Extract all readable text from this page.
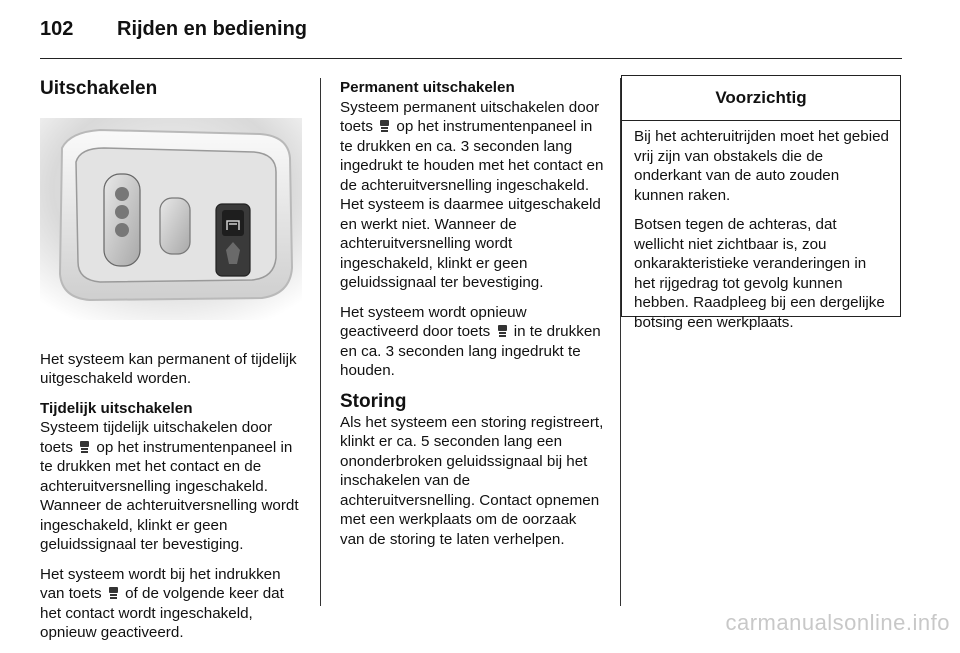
102 Rijden en bediening
Uitschakelen

Het systeem kan permanent of tijdelijk uitgeschakeld worden.

Tijdelijk uitschakelen
Systeem tijdelijk uitschakelen door toets op het instrumentenpaneel in te drukken met het contact en de achteruitversnelling ingeschakeld. Wanneer de achteruitversnelling wordt ingeschakeld, klinkt er geen geluidssignaal ter bevestiging.

Het systeem wordt bij het indrukken van toets of de volgende keer dat het contact wordt ingeschakeld, opnieuw geactiveerd.

Permanent uitschakelen
Systeem permanent uitschakelen door toets op het instrumentenpaneel in te drukken en ca. 3 seconden lang ingedrukt te houden met het contact en de achteruitversnelling ingeschakeld. Het systeem is daarmee uitgeschakeld en werkt niet. Wanneer de achteruitversnelling wordt ingeschakeld, klinkt er geen geluidssignaal ter bevestiging.

Het systeem wordt opnieuw geactiveerd door toets in te drukken en ca. 3 seconden lang ingedrukt te houden.

Storing
Als het systeem een storing registreert, klinkt er ca. 5 seconden lang een ononderbroken geluidssignaal bij het inschakelen van de achteruitversnelling. Contact opnemen met een werkplaats om de oorzaak van de storing te laten verhelpen.

Voorzichtig

Bij het achteruitrijden moet het gebied vrij zijn van obstakels die de onderkant van de auto zouden kunnen raken.

Botsen tegen de achteras, dat wellicht niet zichtbaar is, zou onkarakteristieke veranderingen in het rijgedrag tot gevolg kunnen hebben. Raadpleeg bij een dergelijke botsing een werkplaats.

carmanualsonline.info
